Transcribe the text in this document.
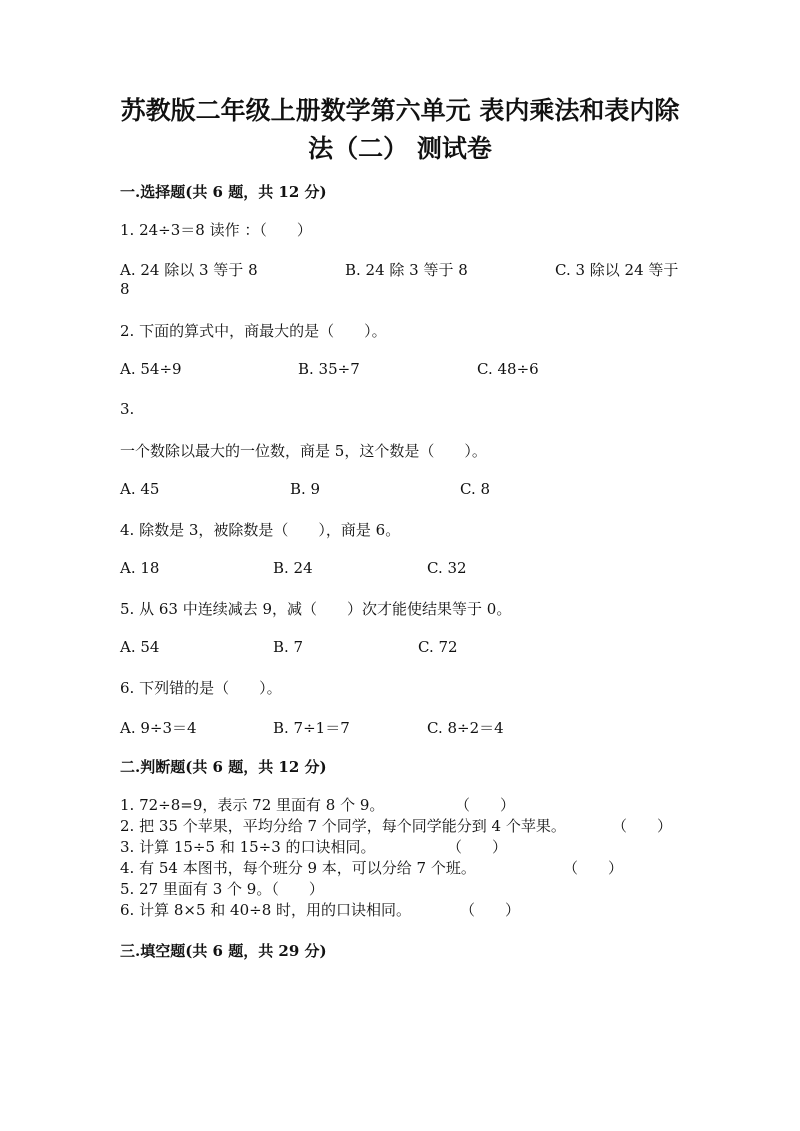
苏教版二年级上册数学第六单元 表内乘法和表内除
法（二） 测试卷
一.选择题(共 6 题，共 12 分)
1. 24÷3＝8 读作 ：（　　）
A. 24 除以 3 等于 8	B. 24 除 3 等于 8	C. 3 除以 24 等于
8
2. 下面的算式中，商最大的是（　　）。
A. 54÷9	B. 35÷7	C. 48÷6
3.
一个数除以最大的一位数，商是 5，这个数是（　　）。
A. 45	B. 9	C. 8
4. 除数是 3，被除数是（　　），商是 6。
A. 18	B. 24	C. 32
5. 从 63 中连续减去 9，减（　　）次才能使结果等于 0。
A. 54	B. 7	C. 72
6. 下列错的是（　　）。
A. 9÷3＝4	B. 7÷1＝7	C. 8÷2＝4
二.判断题(共 6 题，共 12 分)
1. 72÷8=9，表示 72 里面有 8 个 9。	（　　）
2. 把 35 个苹果，平均分给 7 个同学，每个同学能分到 4 个苹果。	（　　）
3. 计算 15÷5 和 15÷3 的口诀相同。	（　　）
4. 有 54 本图书，每个班分 9 本，可以分给 7 个班。	（　　）
5. 27 里面有 3 个 9。（　　）
6. 计算 8×5 和 40÷8 时，用的口诀相同。	（　　）
三.填空题(共 6 题，共 29 分)
